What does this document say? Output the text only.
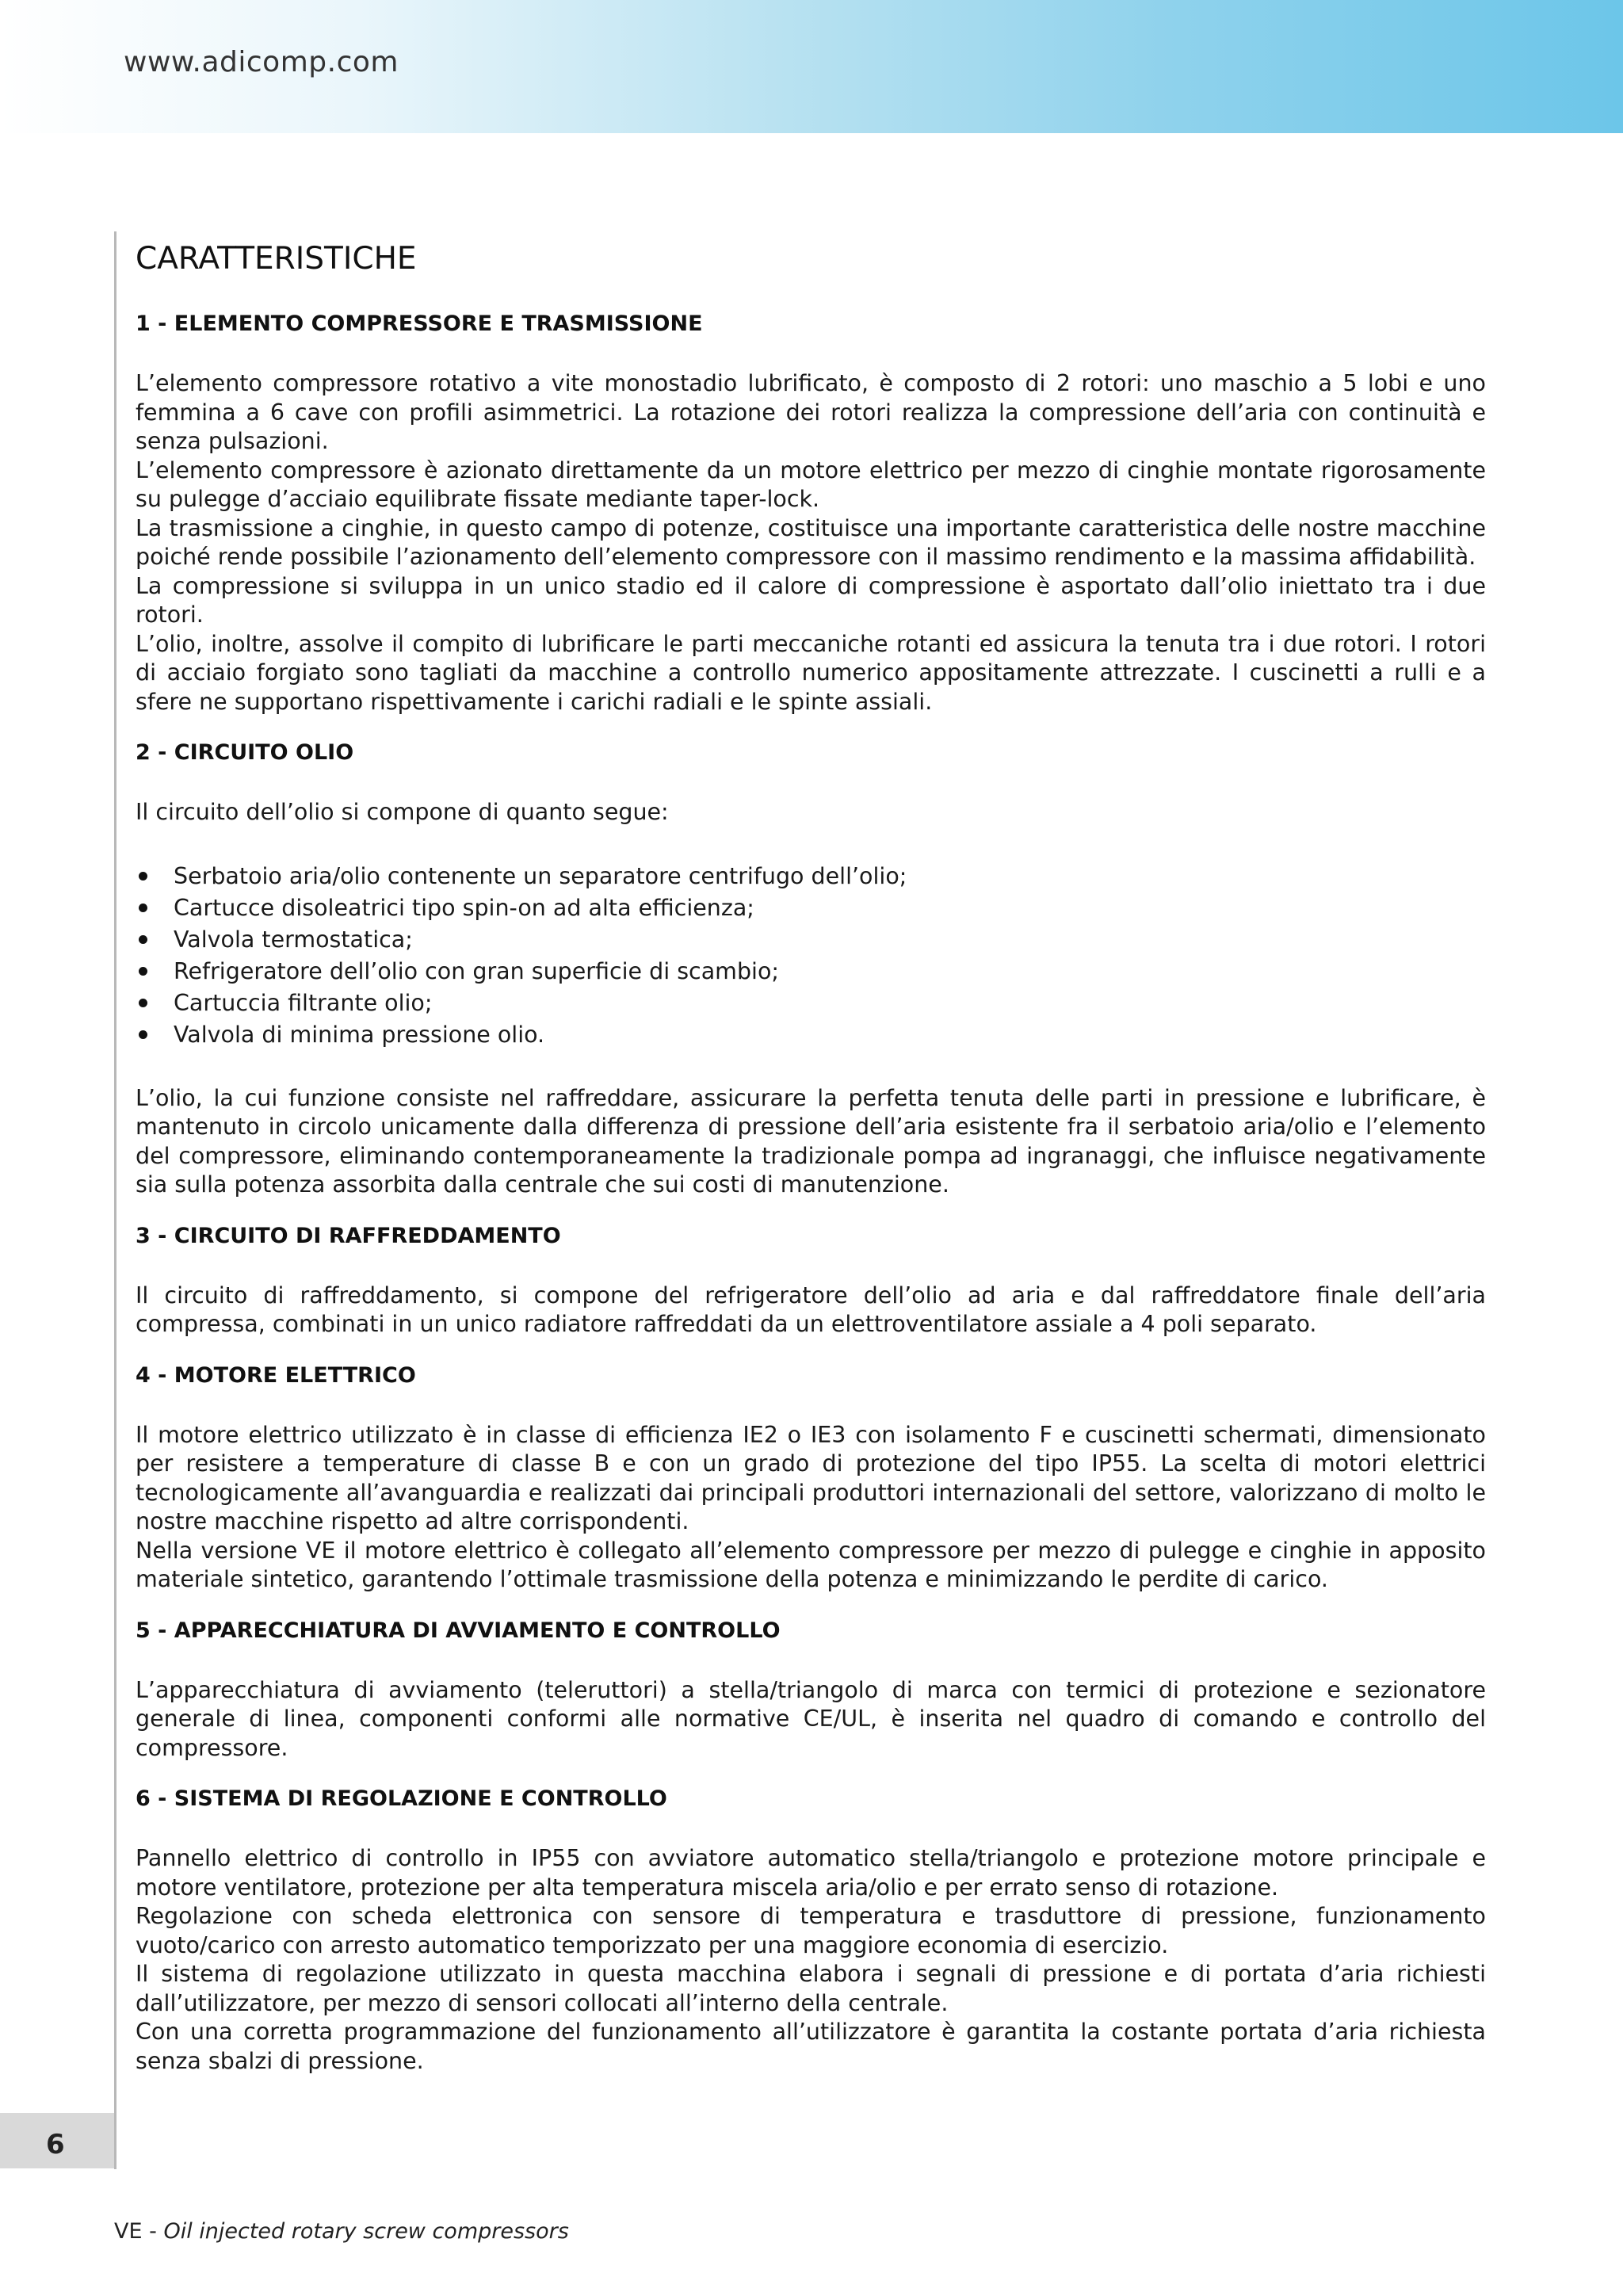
www.adicomp.com
6
CARATTERISTICHE
1 - ELEMENTO COMPRESSORE E TRASMISSIONE

L’elemento compressore rotativo a vite monostadio lubrificato, è composto di 2 rotori: uno maschio a 5 lobi e uno femmina a 6 cave con profili asimmetrici. La rotazione dei rotori realizza la compressione dell’aria con continuità e senza pulsazioni.

L’elemento compressore è azionato direttamente da un motore elettrico per mezzo di cinghie montate rigorosamente su pulegge d’acciaio equilibrate fissate mediante taper-lock.

La trasmissione a cinghie, in questo campo di potenze, costituisce una importante caratteristica delle nostre macchine poiché rende possibile l’azionamento dell’elemento compressore con il massimo rendimento e la massima affidabilità.

La compressione si sviluppa in un unico stadio ed il calore di compressione è asportato dall’olio iniettato tra i due rotori.

L’olio, inoltre, assolve il compito di lubrificare le parti meccaniche rotanti ed assicura la tenuta tra i due rotori. I rotori di acciaio forgiato sono tagliati da macchine a controllo numerico appositamente attrezzate. I cuscinetti a rulli e a sfere ne supportano rispettivamente i carichi radiali e le spinte assiali.

2 - CIRCUITO OLIO

Il circuito dell’olio si compone di quanto segue:

Serbatoio aria/olio contenente un separatore centrifugo dell’olio;
Cartucce disoleatrici tipo spin-on ad alta efficienza;
Valvola termostatica;
Refrigeratore dell’olio con gran superficie di scambio;
Cartuccia filtrante olio;
Valvola di minima pressione olio.

L’olio, la cui funzione consiste nel raffreddare, assicurare la perfetta tenuta delle parti in pressione e lubrificare, è mantenuto in circolo unicamente dalla differenza di pressione dell’aria esistente fra il serbatoio aria/olio e l’elemento del compressore, eliminando contemporaneamente la tradizionale pompa ad ingranaggi, che influisce negativamente sia sulla potenza assorbita dalla centrale che sui costi di manutenzione.

3 - CIRCUITO DI RAFFREDDAMENTO

Il circuito di raffreddamento, si compone del refrigeratore dell’olio ad aria e dal raffreddatore finale dell’aria compressa, combinati in un unico radiatore raffreddati da un elettroventilatore assiale a 4 poli separato.

4 - MOTORE ELETTRICO

Il motore elettrico utilizzato è in classe di efficienza IE2 o IE3 con isolamento F e cuscinetti schermati, dimensionato per resistere a temperature di classe B e con un grado di protezione del tipo IP55. La scelta di motori elettrici tecnologicamente all’avanguardia e realizzati dai principali produttori internazionali del settore, valorizzano di molto le nostre macchine rispetto ad altre corrispondenti.

Nella versione VE il motore elettrico è collegato all’elemento compressore per mezzo di pulegge e cinghie in apposito materiale sintetico, garantendo l’ottimale trasmissione della potenza e minimizzando le perdite di carico.

5 - APPARECCHIATURA DI AVVIAMENTO E CONTROLLO

L’apparecchiatura di avviamento (teleruttori) a stella/triangolo di marca con termici di protezione e sezionatore generale di linea, componenti conformi alle normative CE/UL, è inserita nel quadro di comando e controllo del compressore.

6 - SISTEMA DI REGOLAZIONE E CONTROLLO

Pannello elettrico di controllo in IP55 con avviatore automatico stella/triangolo e protezione motore principale e motore ventilatore, protezione per alta temperatura miscela aria/olio e per errato senso di rotazione.

Regolazione con scheda elettronica con sensore di temperatura e trasduttore di pressione, funzionamento vuoto/carico con arresto automatico temporizzato per una maggiore economia di esercizio.

Il sistema di regolazione utilizzato in questa macchina elabora i segnali di pressione e di portata d’aria richiesti dall’utilizzatore, per mezzo di sensori collocati all’interno della centrale.

Con una corretta programmazione del funzionamento all’utilizzatore è garantita la costante portata d’aria richiesta senza sbalzi di pressione.

VE - Oil injected rotary screw compressors
